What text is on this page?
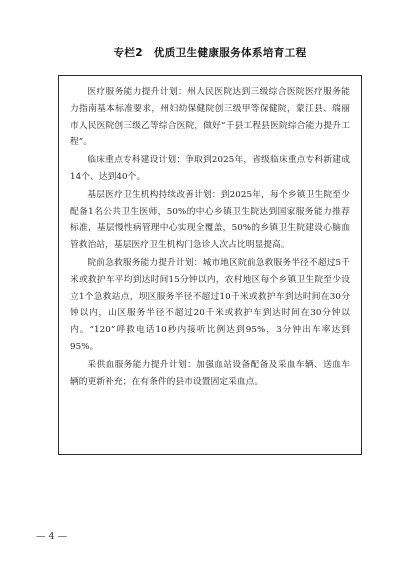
专栏2　优质卫生健康服务体系培育工程

医疗服务能力提升计划：州人民医院达到三级综合医院医疗服务能力指南基本标准要求，州妇幼保健院创三级甲等保健院，蒙江县、瑞丽市人民医院创三级乙等综合医院，做好“千县工程县医院综合能力提升工程”。

临床重点专科建设计划：争取到2025年，省级临床重点专科新建成14个、达到40个。

基层医疗卫生机构持续改善计划：到2025年，每个乡镇卫生院至少配备1名公共卫生医师，50%的中心乡镇卫生院达到国家服务能力推荐标准，基层慢性病管理中心实现全覆盖，50%的乡镇卫生院建设心脑血管救治站，基层医疗卫生机构门急诊人次占比明显提高。

院前急救服务能力提升计划：城市地区院前急救服务半径不超过5千米或救护车平均到达时间15分钟以内，农村地区每个乡镇卫生院至少设立1个急救站点，坝区服务半径不超过10千米或救护车到达时间在30分钟以内，山区服务半径不超过20千米或救护车到达时间在30分钟以内。“120”呼救电话10秒内接听比例达到95%，3分钟出车率达到95%。

采供血服务能力提升计划：加强血站设备配备及采血车辆、送血车辆的更新补充；在有条件的县市设置固定采血点。

— 4 —
